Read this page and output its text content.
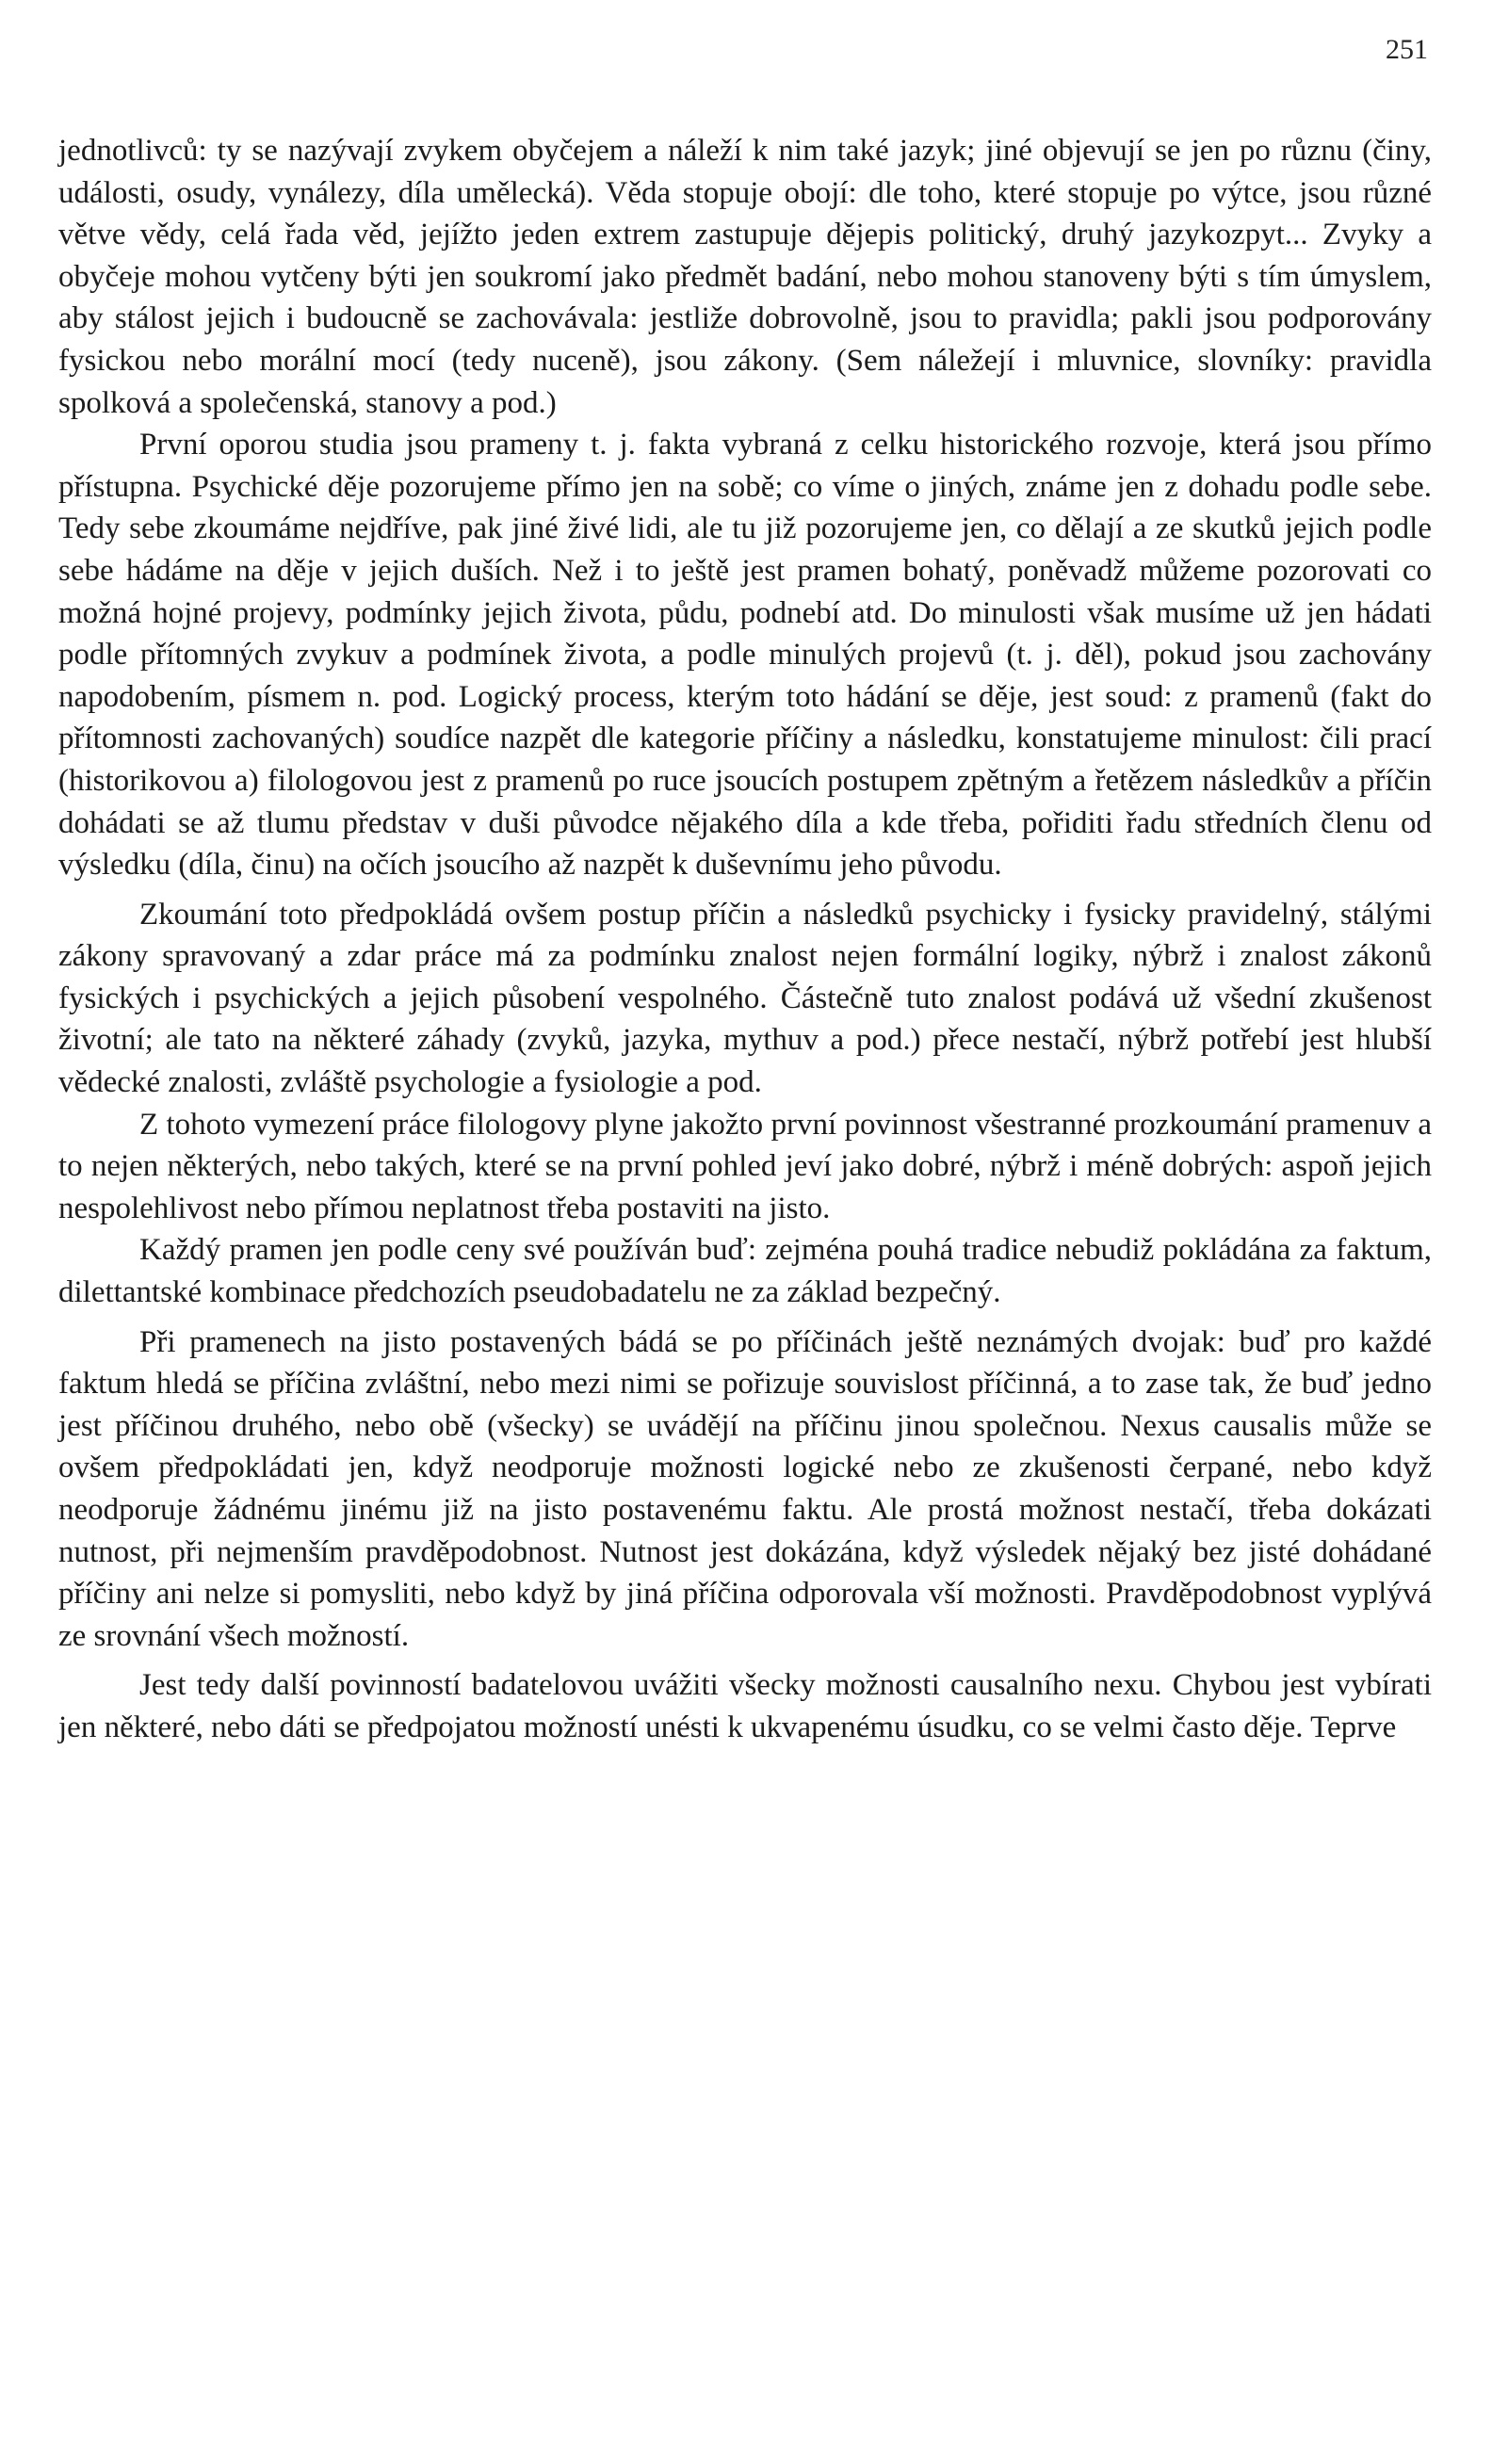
251

jednotlivců: ty se nazývají zvykem obyčejem a náleží k nim také jazyk; jiné objevují se jen po různu (činy, události, osudy, vynálezy, díla umělecká). Věda stopuje obojí: dle toho, které stopuje po výtce, jsou různé větve vědy, celá řada věd, jejížto jeden extrem zastupuje dějepis politický, druhý jazykozpyt... Zvyky a obyčeje mohou vytčeny býti jen soukromí jako předmět badání, nebo mohou stanoveny býti s tím úmyslem, aby stálost jejich i budoucně se zachovávala: jestliže dobrovolně, jsou to pravidla; pakli jsou podporovány fysickou nebo morální mocí (tedy nuceně), jsou zákony. (Sem náležejí i mluvnice, slovníky: pravidla spolková a společenská, stanovy a pod.)

První oporou studia jsou prameny t. j. fakta vybraná z celku historického rozvoje, která jsou přímo přístupna. Psychické děje pozorujeme přímo jen na sobě; co víme o jiných, známe jen z dohadu podle sebe. Tedy sebe zkoumáme nejdříve, pak jiné živé lidi, ale tu již pozorujeme jen, co dělají a ze skutků jejich podle sebe hádáme na děje v jejich duších. Než i to ještě jest pramen bohatý, poněvadž můžeme pozorovati co možná hojné projevy, podmínky jejich života, půdu, podnebí atd. Do minulosti však musíme už jen hádati podle přítomných zvykuv a podmínek života, a podle minulých projevů (t. j. děl), pokud jsou zachovány napodobením, písmem n. pod. Logický process, kterým toto hádání se děje, jest soud: z pramenů (fakt do přítomnosti zachovaných) soudíce nazpět dle kategorie příčiny a následku, konstatujeme minulost: čili prací (historikovou a) filologovou jest z pramenů po ruce jsoucích postupem zpětným a řetězem následkův a příčin dohádati se až tlumu představ v duši původce nějakého díla a kde třeba, pořiditi řadu středních členu od výsledku (díla, činu) na očích jsoucího až nazpět k duševnímu jeho původu.

Zkoumání toto předpokládá ovšem postup příčin a následků psychicky i fysicky pravidelný, stálými zákony spravovaný a zdar práce má za podmínku znalost nejen formální logiky, nýbrž i znalost zákonů fysických i psychických a jejich působení vespolného. Částečně tuto znalost podává už všední zkušenost životní; ale tato na některé záhady (zvyků, jazyka, mythuv a pod.) přece nestačí, nýbrž potřebí jest hlubší vědecké znalosti, zvláště psychologie a fysiologie a pod.

Z tohoto vymezení práce filologovy plyne jakožto první povinnost všestranné prozkoumání pramenuv a to nejen některých, nebo takých, které se na první pohled jeví jako dobré, nýbrž i méně dobrých: aspoň jejich nespolehlivost nebo přímou neplatnost třeba postaviti na jisto.

Každý pramen jen podle ceny své používán buď: zejména pouhá tradice nebudiž pokládána za faktum, dilettantské kombinace předchozích pseudobadatelu ne za základ bezpečný.

Při pramenech na jisto postavených bádá se po příčinách ještě neznámých dvojak: buď pro každé faktum hledá se příčina zvláštní, nebo mezi nimi se pořizuje souvislost příčinná, a to zase tak, že buď jedno jest příčinou druhého, nebo obě (všecky) se uvádějí na příčinu jinou společnou. Nexus causalis může se ovšem předpokládati jen, když neodporuje možnosti logické nebo ze zkušenosti čerpané, nebo když neodporuje žádnému jinému již na jisto postavenému faktu. Ale prostá možnost nestačí, třeba dokázati nutnost, při nejmenším pravděpodobnost. Nutnost jest dokázána, když výsledek nějaký bez jisté dohádané příčiny ani nelze si pomysliti, nebo když by jiná příčina odporovala vší možnosti. Pravděpodobnost vyplývá ze srovnání všech možností.

Jest tedy další povinností badatelovou uvážiti všecky možnosti causalního nexu. Chybou jest vybírati jen některé, nebo dáti se předpojatou možností unésti k ukvapenému úsudku, co se velmi často děje. Teprve
